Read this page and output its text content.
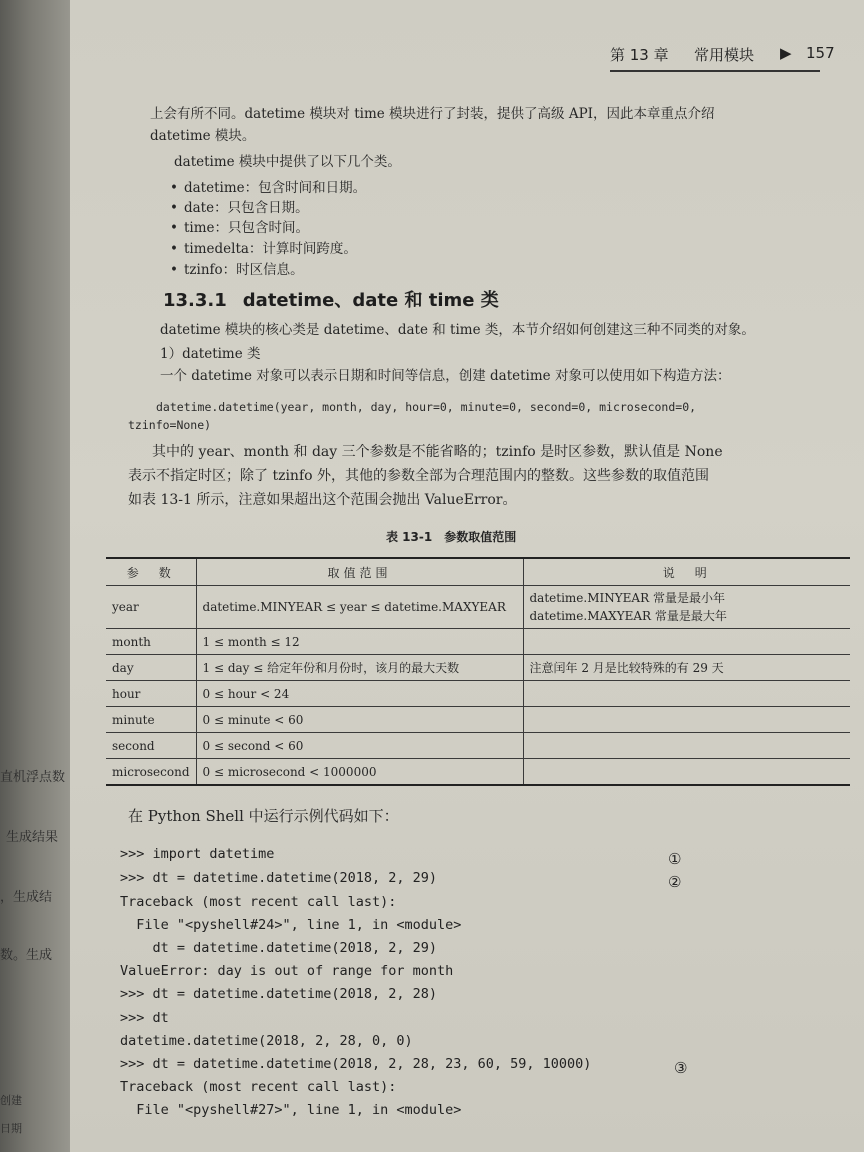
直机浮点数
生成结果
，生成结
数。生成
创建
日期
第 13 章 常用模块 ▶ 157
上会有所不同。datetime 模块对 time 模块进行了封装，提供了高级 API，因此本章重点介绍
datetime 模块。
datetime 模块中提供了以下几个类。
• datetime：包含时间和日期。
• date：只包含日期。
• time：只包含时间。
• timedelta：计算时间跨度。
• tzinfo：时区信息。
13.3.1 datetime、date 和 time 类
datetime 模块的核心类是 datetime、date 和 time 类，本节介绍如何创建这三种不同类的对象。
1）datetime 类
一个 datetime 对象可以表示日期和时间等信息，创建 datetime 对象可以使用如下构造方法：
datetime.datetime(year, month, day, hour=0, minute=0, second=0, microsecond=0,
tzinfo=None)
其中的 year、month 和 day 三个参数是不能省略的；tzinfo 是时区参数，默认值是 None
表示不指定时区；除了 tzinfo 外，其他的参数全部为合理范围内的整数。这些参数的取值范围
如表 13-1 所示，注意如果超出这个范围会抛出 ValueError。
表 13-1　参数取值范围
参　数	取值范围	说　明
year	datetime.MINYEAR ≤ year ≤ datetime.MAXYEAR	datetime.MINYEAR 常量是最小年
datetime.MAXYEAR 常量是最大年

month	1 ≤ month ≤ 12	
day	1 ≤ day ≤ 给定年份和月份时，该月的最大天数	注意闰年 2 月是比较特殊的有 29 天
hour	0 ≤ hour < 24	
minute	0 ≤ minute < 60	
second	0 ≤ second < 60	
microsecond	0 ≤ microsecond < 1000000	
在 Python Shell 中运行示例代码如下：
>>> import datetime
>>> dt = datetime.datetime(2018, 2, 29)
Traceback (most recent call last):
File "<pyshell#24>", line 1, in <module>
dt = datetime.datetime(2018, 2, 29)
ValueError: day is out of range for month
>>> dt = datetime.datetime(2018, 2, 28)
>>> dt
datetime.datetime(2018, 2, 28, 0, 0)
>>> dt = datetime.datetime(2018, 2, 28, 23, 60, 59, 10000)
Traceback (most recent call last):
File "<pyshell#27>", line 1, in <module>
①
②
③
